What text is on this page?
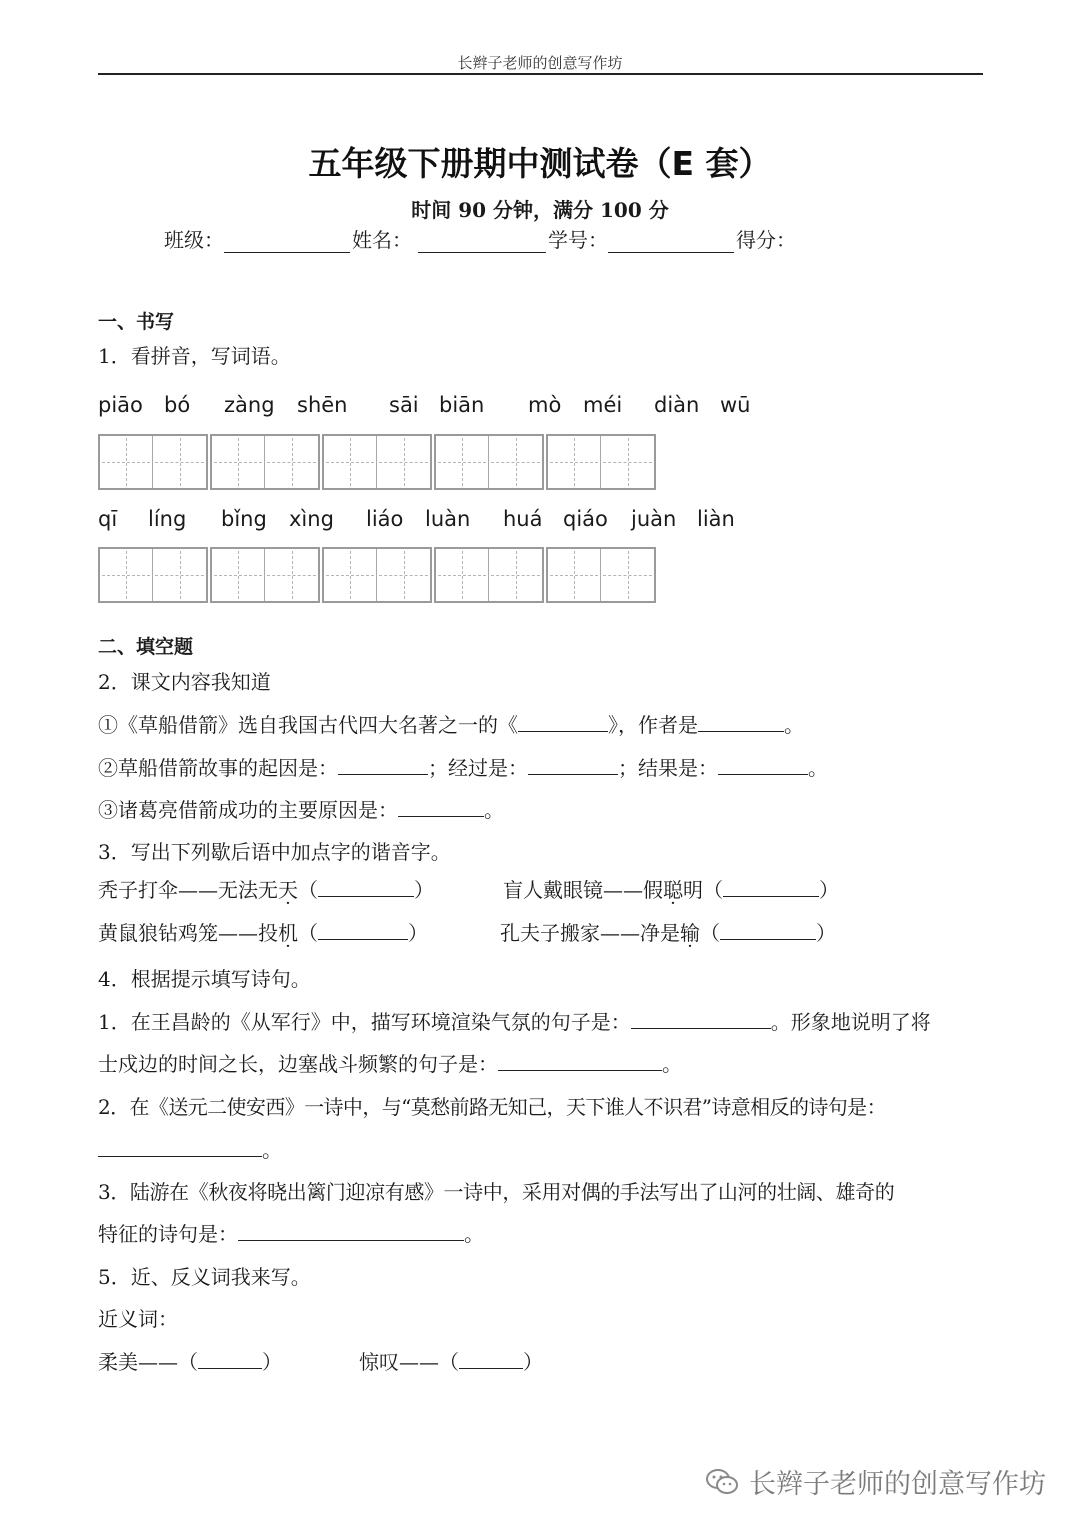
长辫子老师的创意写作坊
五年级下册期中测试卷（E 套）
时间 90 分钟，满分 100 分
班级：	姓名：	学号：	得分：
一、书写
1．看拼音，写词语。
piāo bó zàng shēn sāi biān mò méi diàn wū
qī líng bǐng xìng liáo luàn huá qiáo juàn liàn
二、填空题
2．课文内容我知道
①《草船借箭》选自我国古代四大名著之一的《	》，作者是	。
②草船借箭故事的起因是：	；经过是：	；结果是：	。
③诸葛亮借箭成功的主要原因是：	。
3．写出下列歇后语中加点字的谐音字。
秃子打伞——无法无天（	）	盲人戴眼镜——假聪明（	）
黄鼠狼钻鸡笼——投机（	）	孔夫子搬家——净是输（	）
4．根据提示填写诗句。
1．在王昌龄的《从军行》中，描写环境渲染气氛的句子是：	。形象地说明了将
士戍边的时间之长，边塞战斗频繁的句子是：	。
2．在《送元二使安西》一诗中，与“莫愁前路无知己，天下谁人不识君”诗意相反的诗句是：
。
3．陆游在《秋夜将晓出篱门迎凉有感》一诗中，采用对偶的手法写出了山河的壮阔、雄奇的
特征的诗句是：	。
5．近、反义词我来写。
近义词：
柔美——（	）	惊叹——（	）
长辫子老师的创意写作坊
